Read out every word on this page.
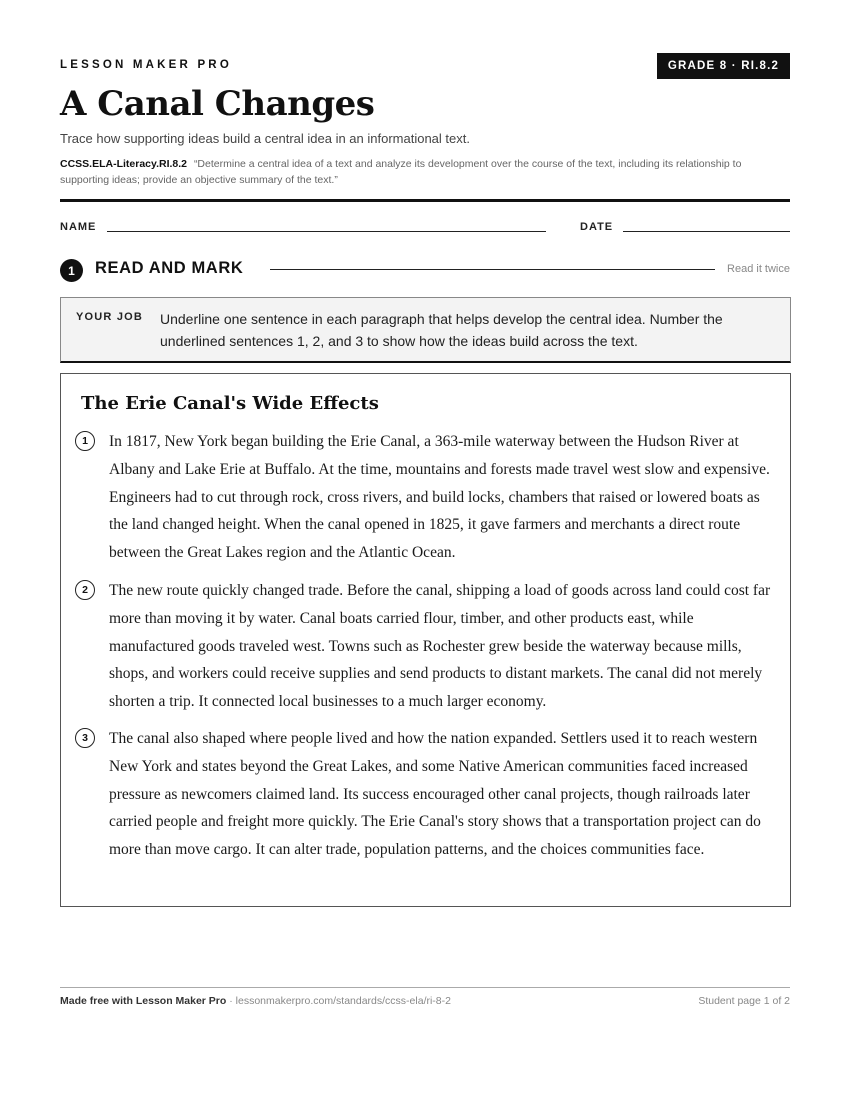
LESSON MAKER PRO	GRADE 8 · RI.8.2
A Canal Changes
Trace how supporting ideas build a central idea in an informational text.
CCSS.ELA-Literacy.RI.8.2 “Determine a central idea of a text and analyze its development over the course of the text, including its relationship to supporting ideas; provide an objective summary of the text.”
NAME	DATE
1	READ AND MARK	Read it twice
YOUR JOB Underline one sentence in each paragraph that helps develop the central idea. Number the underlined sentences 1, 2, and 3 to show how the ideas build across the text.
The Erie Canal's Wide Effects
1	In 1817, New York began building the Erie Canal, a 363-mile waterway between the Hudson River at Albany and Lake Erie at Buffalo. At the time, mountains and forests made travel west slow and expensive. Engineers had to cut through rock, cross rivers, and build locks, chambers that raised or lowered boats as the land changed height. When the canal opened in 1825, it gave farmers and merchants a direct route between the Great Lakes region and the Atlantic Ocean.
2	The new route quickly changed trade. Before the canal, shipping a load of goods across land could cost far more than moving it by water. Canal boats carried flour, timber, and other products east, while manufactured goods traveled west. Towns such as Rochester grew beside the waterway because mills, shops, and workers could receive supplies and send products to distant markets. The canal did not merely shorten a trip. It connected local businesses to a much larger economy.
3	The canal also shaped where people lived and how the nation expanded. Settlers used it to reach western New York and states beyond the Great Lakes, and some Native American communities faced increased pressure as newcomers claimed land. Its success encouraged other canal projects, though railroads later carried people and freight more quickly. The Erie Canal's story shows that a transportation project can do more than move cargo. It can alter trade, population patterns, and the choices communities face.
Made free with Lesson Maker Pro · lessonmakerpro.com/standards/ccss-ela/ri-8-2	Student page 1 of 2
